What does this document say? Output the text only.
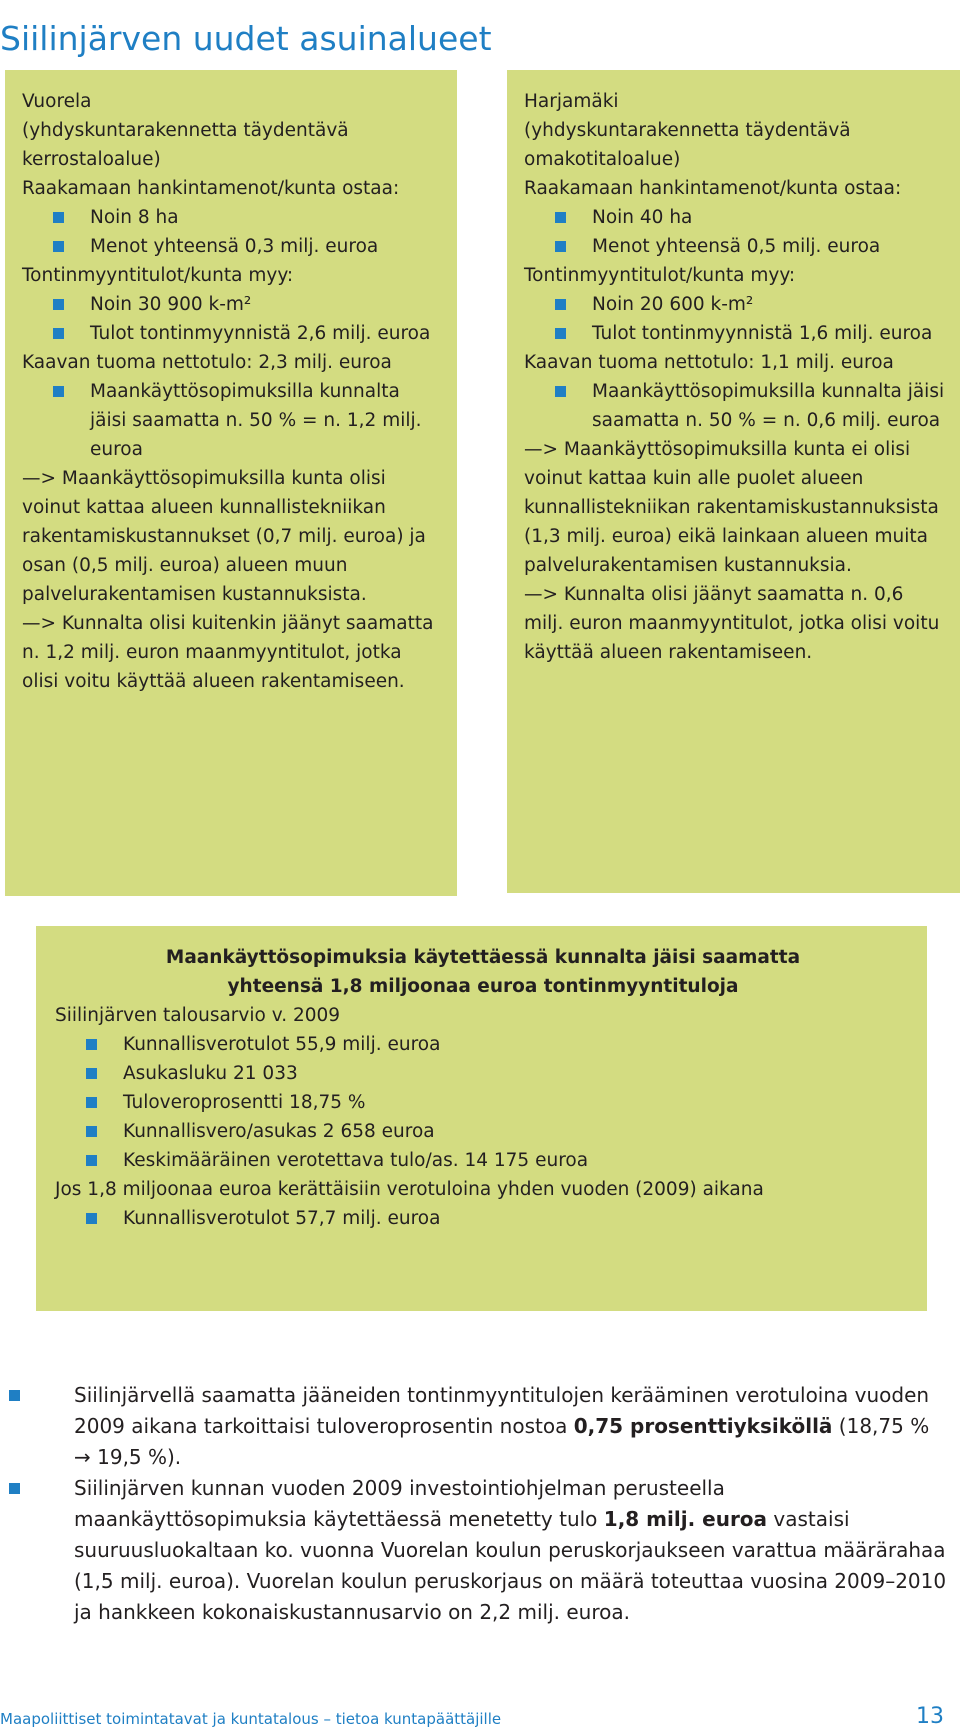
Siilinjärven uudet asuinalueet

Vuorela

(yhdyskuntarakennetta täydentävä kerrostaloalue)

Raakamaan hankintamenot/kunta ostaa:

Noin 8 ha

Menot yhteensä 0,3 milj. euroa

Tontinmyyntitulot/kunta myy:

Noin 30 900 k-m²

Tulot tontinmyynnistä 2,6 milj. euroa

Kaavan tuoma nettotulo: 2,3 milj. euroa

Maankäyttösopimuksilla kunnalta jäisi saamatta n. 50 % = n. 1,2 milj. euroa

—> Maankäyttösopimuksilla kunta olisi voinut kattaa alueen kunnallistekniikan rakentamiskustannukset (0,7 milj. euroa) ja osan (0,5 milj. euroa) alueen muun palvelurakentamisen kustannuksista.

—> Kunnalta olisi kuitenkin jäänyt saamatta n. 1,2 milj. euron maanmyyntitulot, jotka olisi voitu käyttää alueen rakentamiseen.

Harjamäki

(yhdyskuntarakennetta täydentävä omakotitaloalue)

Raakamaan hankintamenot/kunta ostaa:

Noin 40 ha

Menot yhteensä 0,5 milj. euroa

Tontinmyyntitulot/kunta myy:

Noin 20 600 k-m²

Tulot tontinmyynnistä 1,6 milj. euroa

Kaavan tuoma nettotulo: 1,1 milj. euroa

Maankäyttösopimuksilla kunnalta jäisi saamatta n. 50 % = n. 0,6 milj. euroa

—> Maankäyttösopimuksilla kunta ei olisi voinut kattaa kuin alle puolet alueen kunnallistekniikan rakentamiskustannuksista (1,3 milj. euroa) eikä lainkaan alueen muita palvelurakentamisen kustannuksia.

—> Kunnalta olisi jäänyt saamatta n. 0,6 milj. euron maanmyyntitulot, jotka olisi voitu käyttää alueen rakentamiseen.

Maankäyttösopimuksia käytettäessä kunnalta jäisi saamatta

yhteensä 1,8 miljoonaa euroa tontinmyyntituloja

Siilinjärven talousarvio v. 2009

Kunnallisverotulot 55,9 milj. euroa

Asukasluku 21 033

Tuloveroprosentti 18,75 %

Kunnallisvero/asukas 2 658 euroa

Keskimääräinen verotettava tulo/as. 14 175 euroa

Jos 1,8 miljoonaa euroa kerättäisiin verotuloina yhden vuoden (2009) aikana

Kunnallisverotulot 57,7 milj. euroa

Siilinjärvellä saamatta jääneiden tontinmyyntitulojen kerääminen verotuloina vuoden 2009 aikana tarkoittaisi tuloveroprosentin nostoa 0,75 prosenttiyksiköllä (18,75 % → 19,5 %).

Siilinjärven kunnan vuoden 2009 investointiohjelman perusteella maankäyttösopimuksia käytettäessä menetetty tulo 1,8 milj. euroa vastaisi suuruusluokaltaan ko. vuonna Vuorelan koulun peruskorjaukseen varattua määrärahaa (1,5 milj. euroa). Vuorelan koulun peruskorjaus on määrä toteuttaa vuosina 2009–2010 ja hankkeen kokonaiskustannusarvio on 2,2 milj. euroa.

Maapoliittiset toimintatavat ja kuntatalous – tietoa kuntapäättäjille	13
